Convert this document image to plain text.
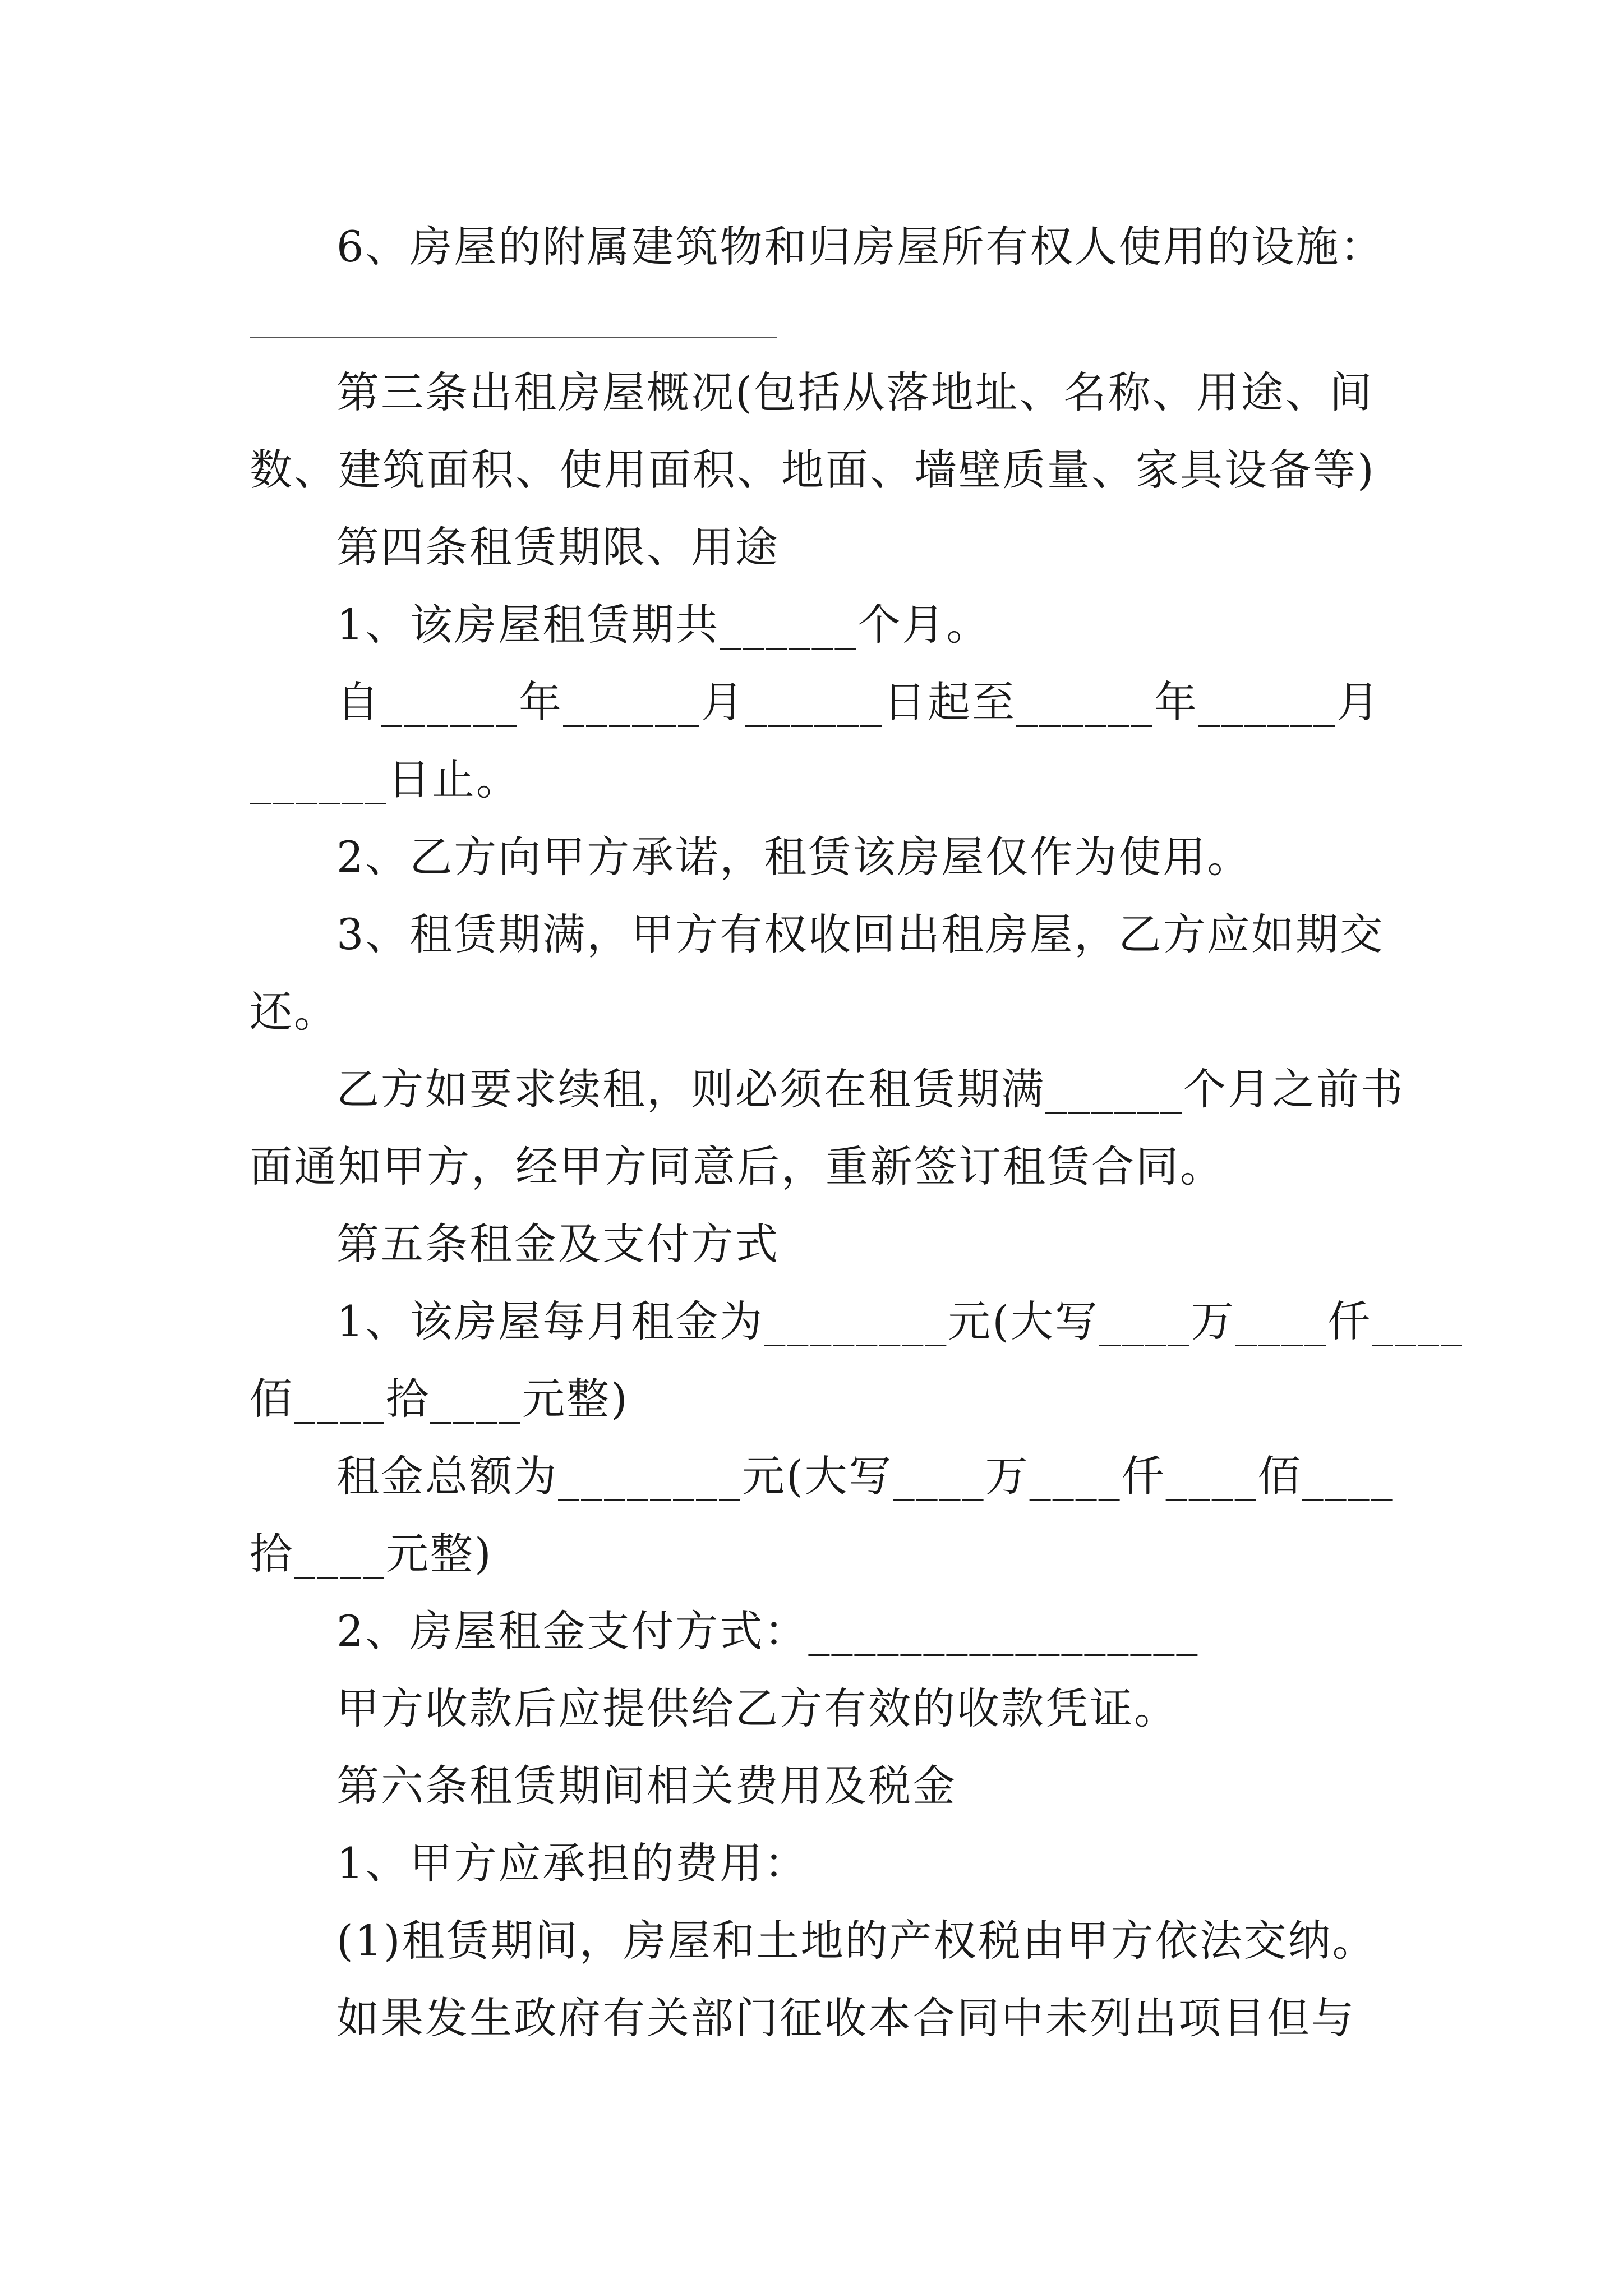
6、房屋的附属建筑物和归房屋所有权人使用的设施：
第三条出租房屋概况(包括从落地址、名称、用途、间
数、建筑面积、使用面积、地面、墙壁质量、家具设备等)
第四条租赁期限、用途
1、该房屋租赁期共______个月。
自______年______月______日起至______年______月
______日止。
2、乙方向甲方承诺，租赁该房屋仅作为使用。
3、租赁期满，甲方有权收回出租房屋，乙方应如期交
还。
乙方如要求续租，则必须在租赁期满______个月之前书
面通知甲方，经甲方同意后，重新签订租赁合同。
第五条租金及支付方式
1、该房屋每月租金为________元(大写____万____仟____
佰____拾____元整)
租金总额为________元(大写____万____仟____佰____
拾____元整)
2、房屋租金支付方式：_________________
甲方收款后应提供给乙方有效的收款凭证。
第六条租赁期间相关费用及税金
1、甲方应承担的费用：
(1)租赁期间，房屋和土地的产权税由甲方依法交纳。
如果发生政府有关部门征收本合同中未列出项目但与
